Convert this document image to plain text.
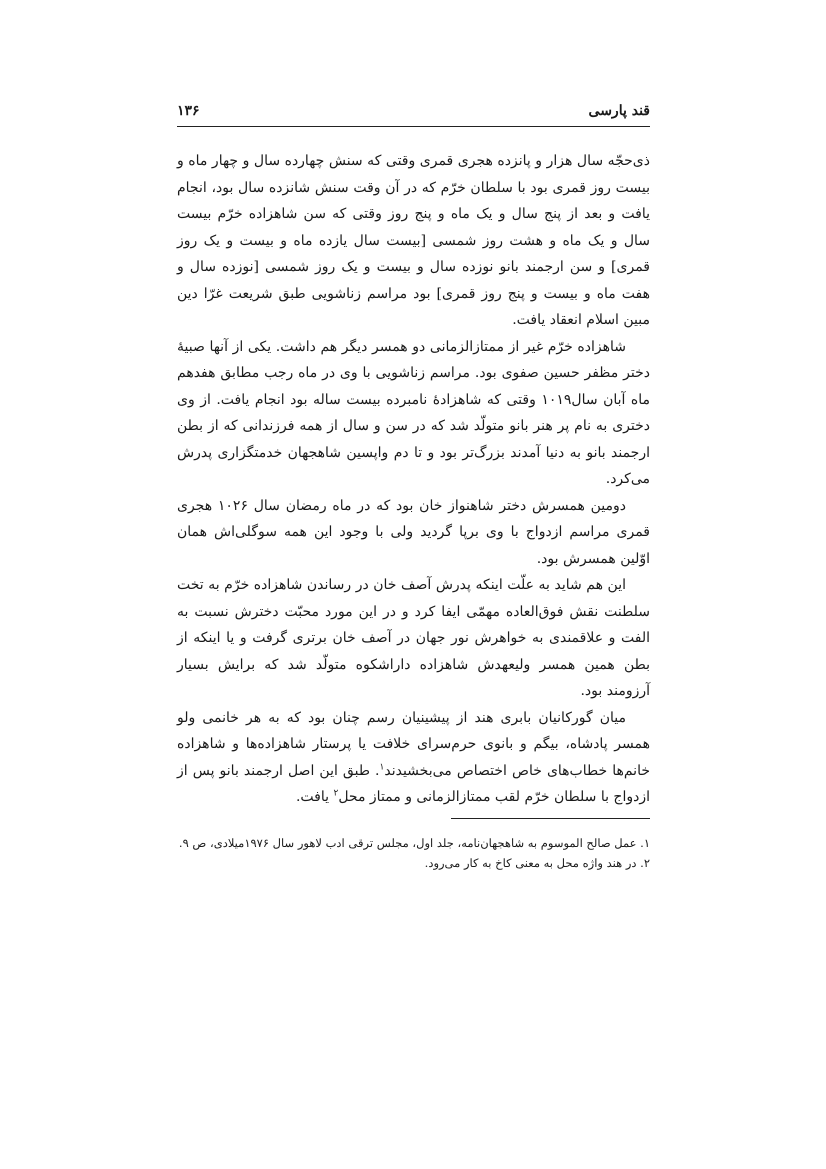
قند پارسی
۱۳۶

ذی‌حجّه سال هزار و پانزده هجری قمری وقتی که سنش چهارده سال و چهار ماه و بیست روز قمری بود با سلطان خرّم که در آن وقت سنش شانزده سال بود، انجام یافت و بعد از پنج سال و یک ماه و پنج روز وقتی که سن شاهزاده خرّم بیست سال و یک ماه و هشت روز شمسی [بیست سال یازده ماه و بیست و یک روز قمری] و سن ارجمند بانو نوزده سال و بیست و یک روز شمسی [نوزده سال و هفت ماه و بیست و پنج روز قمری] بود مراسم زناشویی طبق شریعت غرّا دین مبین اسلام انعقاد یافت.

شاهزاده خرّم غیر از ممتازالزمانی دو همسر دیگر هم داشت. یکی از آنها صبیهٔ دختر مظفر حسین صفوی بود. مراسم زناشویی با وی در ماه رجب مطابق هفدهم ماه آبان سال۱۰۱۹ وقتی که شاهزادهٔ نامبرده بیست ساله بود انجام یافت. از وی دختری به نام پر هنر بانو متولّد شد که در سن و سال از همه فرزندانی که از بطن ارجمند بانو به دنیا آمدند بزرگ‌تر بود و تا دم واپسین شاهجهان خدمتگزاری پدرش می‌کرد.

دومین همسرش دختر شاهنواز خان بود که در ماه رمضان سال ۱۰۲۶ هجری قمری مراسم ازدواج با وی برپا گردید ولی با وجود این همه سوگلی‌اش همان اوّلین همسرش بود.

این هم شاید به علّت اینکه پدرش آصف خان در رساندن شاهزاده خرّم به تخت سلطنت نقش فوق‌العاده مهمّی ایفا کرد و در این مورد محبّت دخترش نسبت به الفت و علاقمندی به خواهرش نور جهان در آصف خان برتری گرفت و یا اینکه از بطن همین همسر ولیعهدش شاهزاده داراشکوه متولّد شد که برایش بسیار آرزومند بود.

میان گورکانیان بابری هند از پیشینیان رسم چنان بود که به هر خانمی ولو همسر پادشاه، بیگم و بانوی حرم‌سرای خلافت یا پرستار شاهزاده‌ها و شاهزاده خانم‌ها خطاب‌های خاص اختصاص می‌بخشیدند$^۱$. طبق این اصل ارجمند بانو پس از ازدواج با سلطان خرّم لقب ممتازالزمانی و ممتاز محل$^۲$ یافت.

۱. عمل صالح الموسوم به شاهجهان‌نامه، جلد اول، مجلس ترقی ادب لاهور سال ۱۹۷۶میلادی، ص ۹.

۲. در هند واژه محل به معنی کاخ به کار می‌رود.
